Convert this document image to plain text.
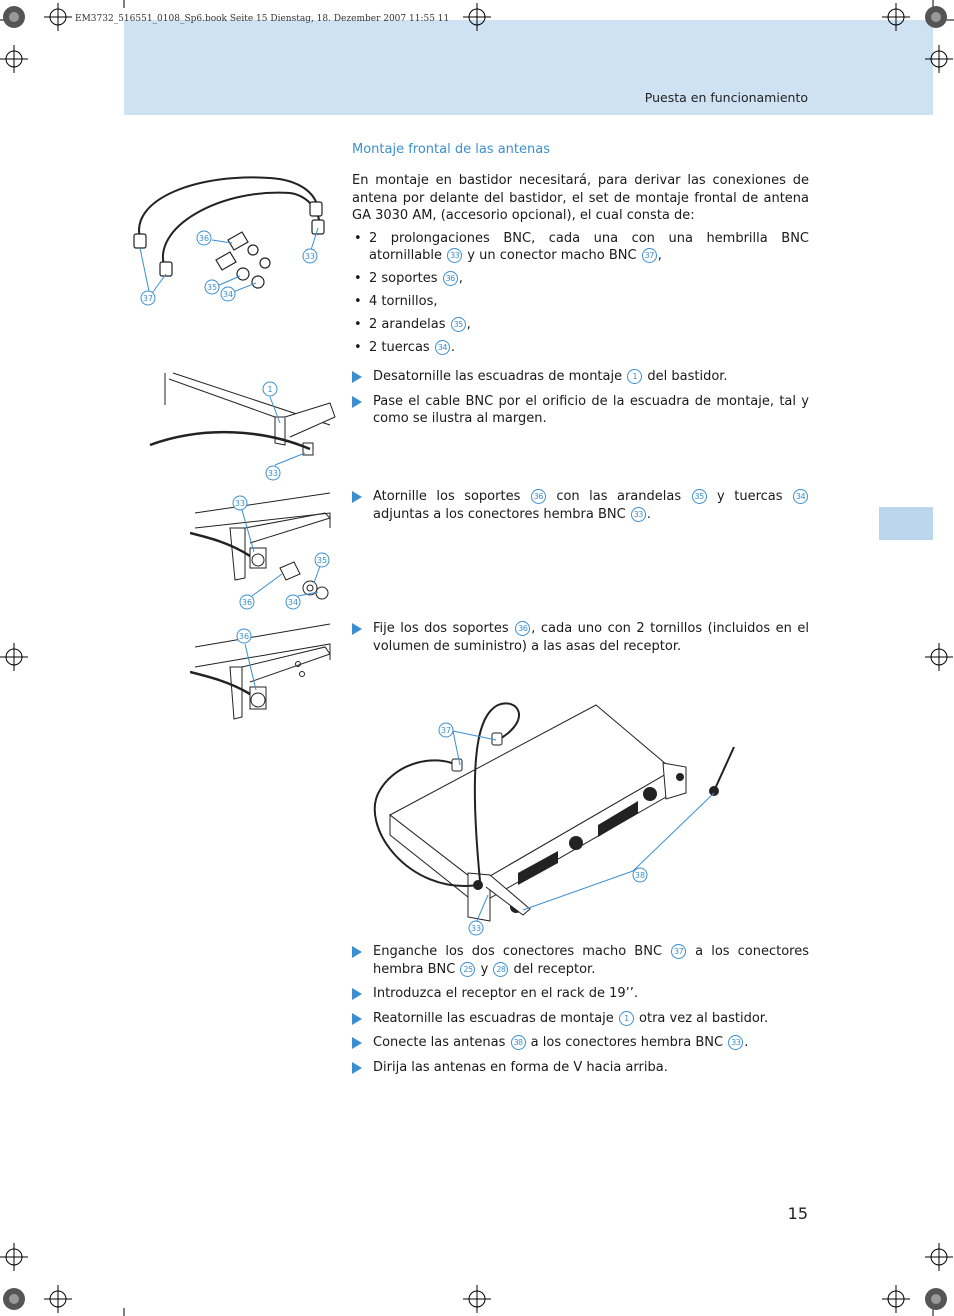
EM3732_516551_0108_Sp6.book Seite 15 Dienstag, 18. Dezember 2007 11:55 11
Puesta en funcionamiento
36
33
35
34
37
1
33
33
35
36	34
36
37
38
33
Montaje frontal de las antenas
En montaje en bastidor necesitará, para derivar las conexiones de antena por delante del bastidor, el set de montaje frontal de antena GA 3030 AM, (accesorio opcional), el cual consta de:
• 2 prolongaciones BNC, cada una con una hembrilla BNC atornillable 33 y un conector macho BNC 37 ,
• 2 soportes 36 ,
• 4 tornillos,
• 2 arandelas 35 ,
• 2 tuercas 34 .
Desatornille las escuadras de montaje 1 del bastidor.
Pase el cable BNC por el orificio de la escuadra de montaje, tal y como se ilustra al margen.
Atornille los soportes 36 con las arandelas 35 y tuercas 34 adjuntas a los conectores hembra BNC 33 .
Fije los dos soportes 36 , cada uno con 2 tornillos (incluidos en el volumen de suministro) a las asas del receptor.
Enganche los dos conectores macho BNC 37 a los conectores hembra BNC 25 y 28 del receptor.
Introduzca el receptor en el rack de 19’’.
Reatornille las escuadras de montaje 1 otra vez al bastidor.
Conecte las antenas 38 a los conectores hembra BNC 33 .
Dirija las antenas en forma de V hacia arriba.
15
